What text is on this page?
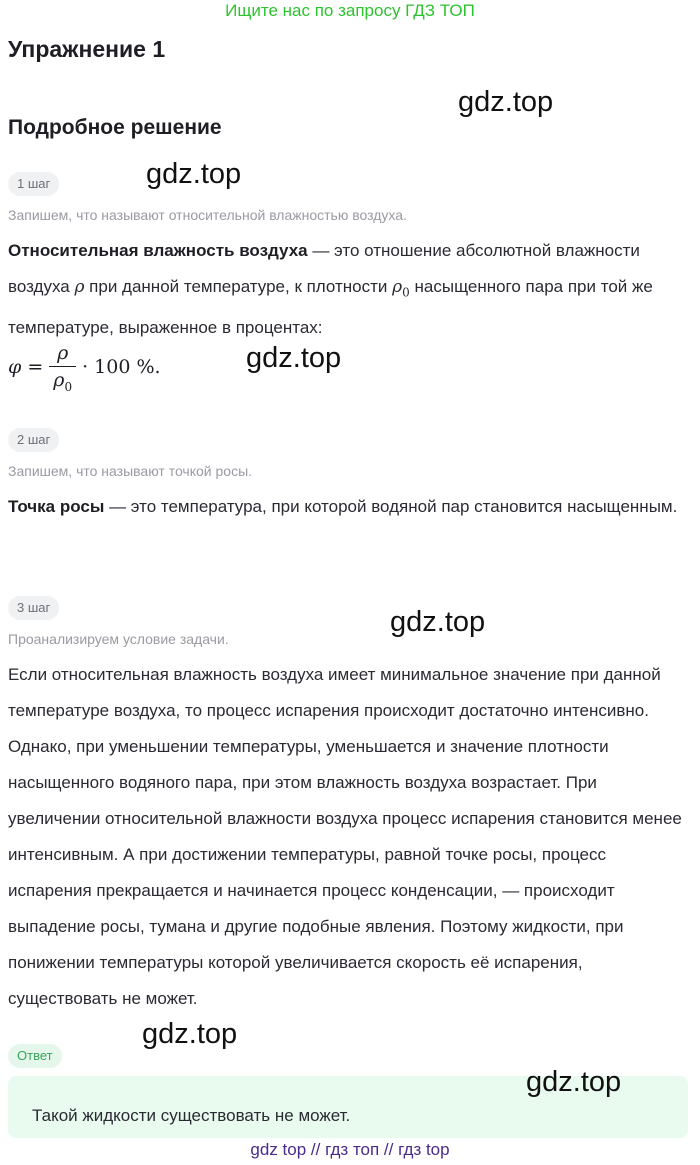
Ищите нас по запросу ГДЗ ТОП
Упражнение 1
Подробное решение
1 шаг
Запишем, что называют относительной влажностью воздуха.
Относительная влажность воздуха — это отношение абсолютной влажности воздуха ρ при данной температуре, к плотности $\rho_0$ насыщенного пара при той же температуре, выраженное в процентах:
$\varphi = \frac{\rho}{\rho_0} \cdot 100$ %.
2 шаг
Запишем, что называют точкой росы.
Точка росы — это температура, при которой водяной пар становится насыщенным.
3 шаг
Проанализируем условие задачи.
Если относительная влажность воздуха имеет минимальное значение при данной температуре воздуха, то процесс испарения происходит достаточно интенсивно. Однако, при уменьшении температуры, уменьшается и значение плотности насыщенного водяного пара, при этом влажность воздуха возрастает. При увеличении относительной влажности воздуха процесс испарения становится менее интенсивным. А при достижении температуры, равной точке росы, процесс испарения прекращается и начинается процесс конденсации, — происходит выпадение росы, тумана и другие подобные явления. Поэтому жидкости, при понижении температуры которой увеличивается скорость её испарения, существовать не может.
Ответ
Такой жидкости существовать не может.
gdz.top
gdz.top
gdz.top
gdz.top
gdz.top
gdz.top
gdz top // гдз топ // гдз top
